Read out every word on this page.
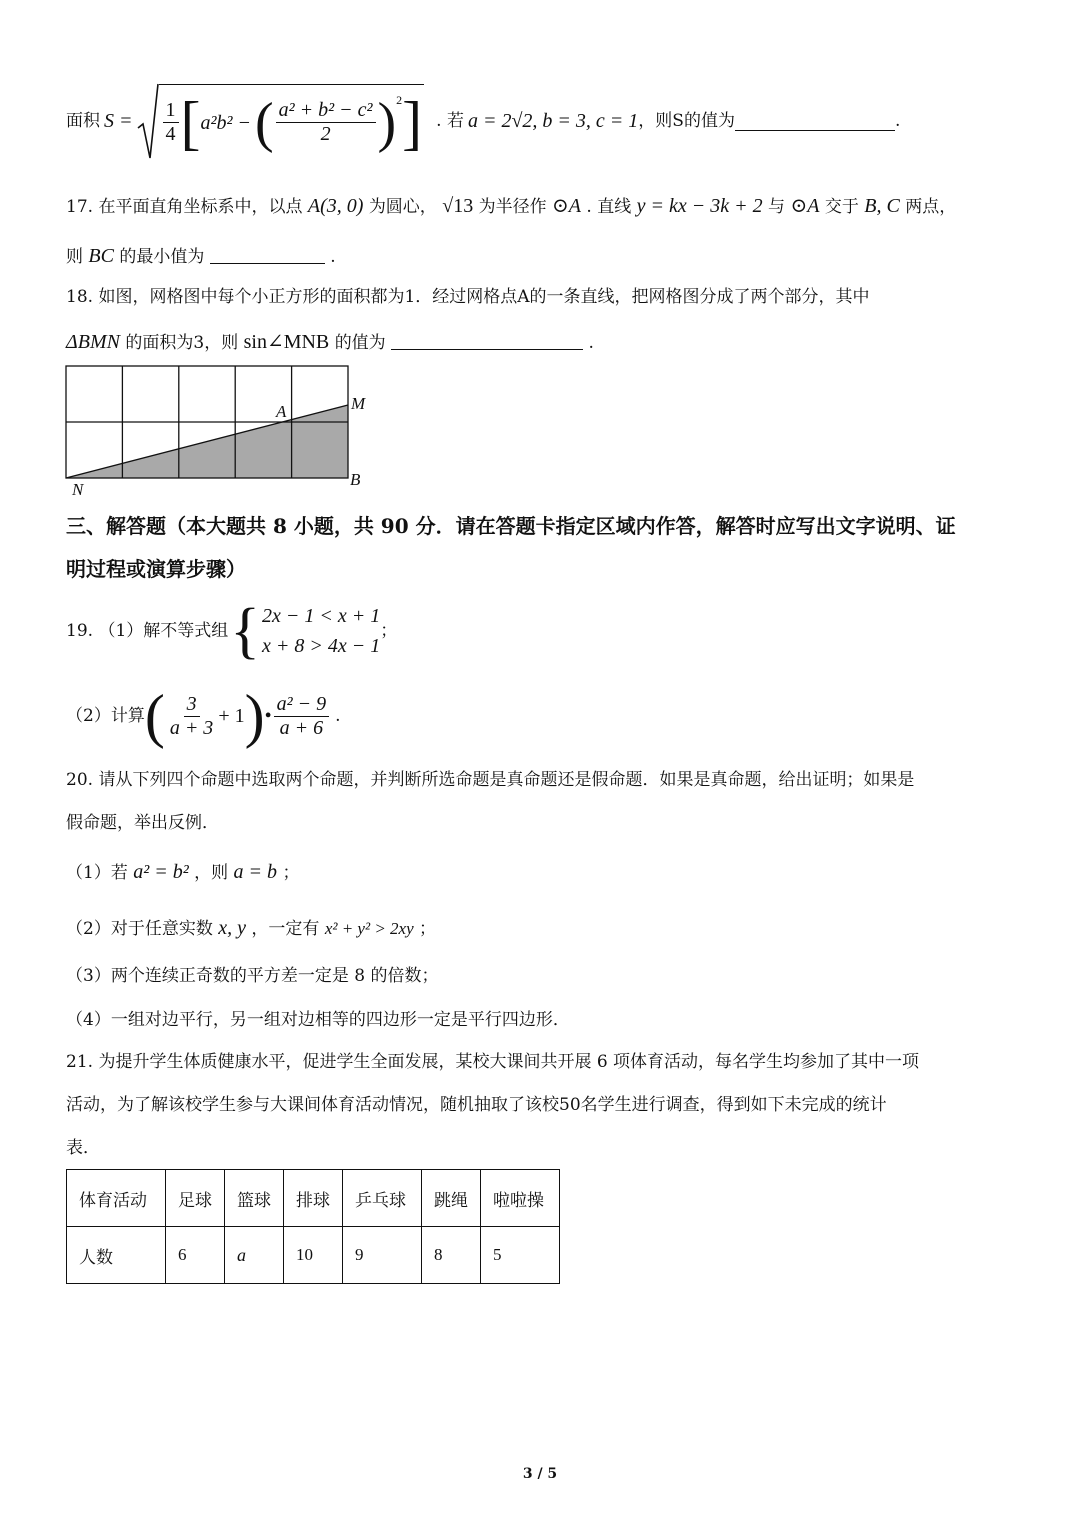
面积 $S = \frac{1}{4}$ [ a²b² − ( $\frac{\text{a² + b² − c²}}{2} )^2$ ] . 若 a = 2√2, b = 3, c = 1 ，则S的值为	.
17. 在平面直角坐标系中，以点 A(3, 0) 为圆心， √13 为半径作 ⊙A . 直线 y = kx − 3k + 2 与 ⊙A 交于 B, C 两点，
则 BC 的最小值为	.
18. 如图，网格图中每个小正方形的面积都为1．经过网格点A的一条直线，把网格图分成了两个部分，其中
ΔBMN 的面积为3，则 sin∠MNB 的值为	.
A	M
B
N
三、解答题（本大题共 8 小题，共 90 分．请在答题卡指定区域内作答，解答时应写出文字说明、证
明过程或演算步骤）
19. （1）解不等式组 { 2x − 1 < x + 1
x + 8 > 4x − 1
；
（2）计算 ( $\frac{3}{a + 3} + 1$ ) • $\frac{\text{a² − 9}}{a + 6}$ .
20. 请从下列四个命题中选取两个命题，并判断所选命题是真命题还是假命题．如果是真命题，给出证明；如果是
假命题，举出反例．
（1）若 a² = b² ，则 a = b ；
（2）对于任意实数 x, y ，一定有 x² + y² > 2xy ；
（3）两个连续正奇数的平方差一定是 8 的倍数；
（4）一组对边平行，另一组对边相等的四边形一定是平行四边形．
21. 为提升学生体质健康水平，促进学生全面发展，某校大课间共开展 6 项体育活动，每名学生均参加了其中一项
活动，为了解该校学生参与大课间体育活动情况，随机抽取了该校50名学生进行调查，得到如下未完成的统计
表．
体育活动	足球	篮球	排球	乒乓球	跳绳	啦啦操
人数	6	a	10	9	8	5
3 / 5
